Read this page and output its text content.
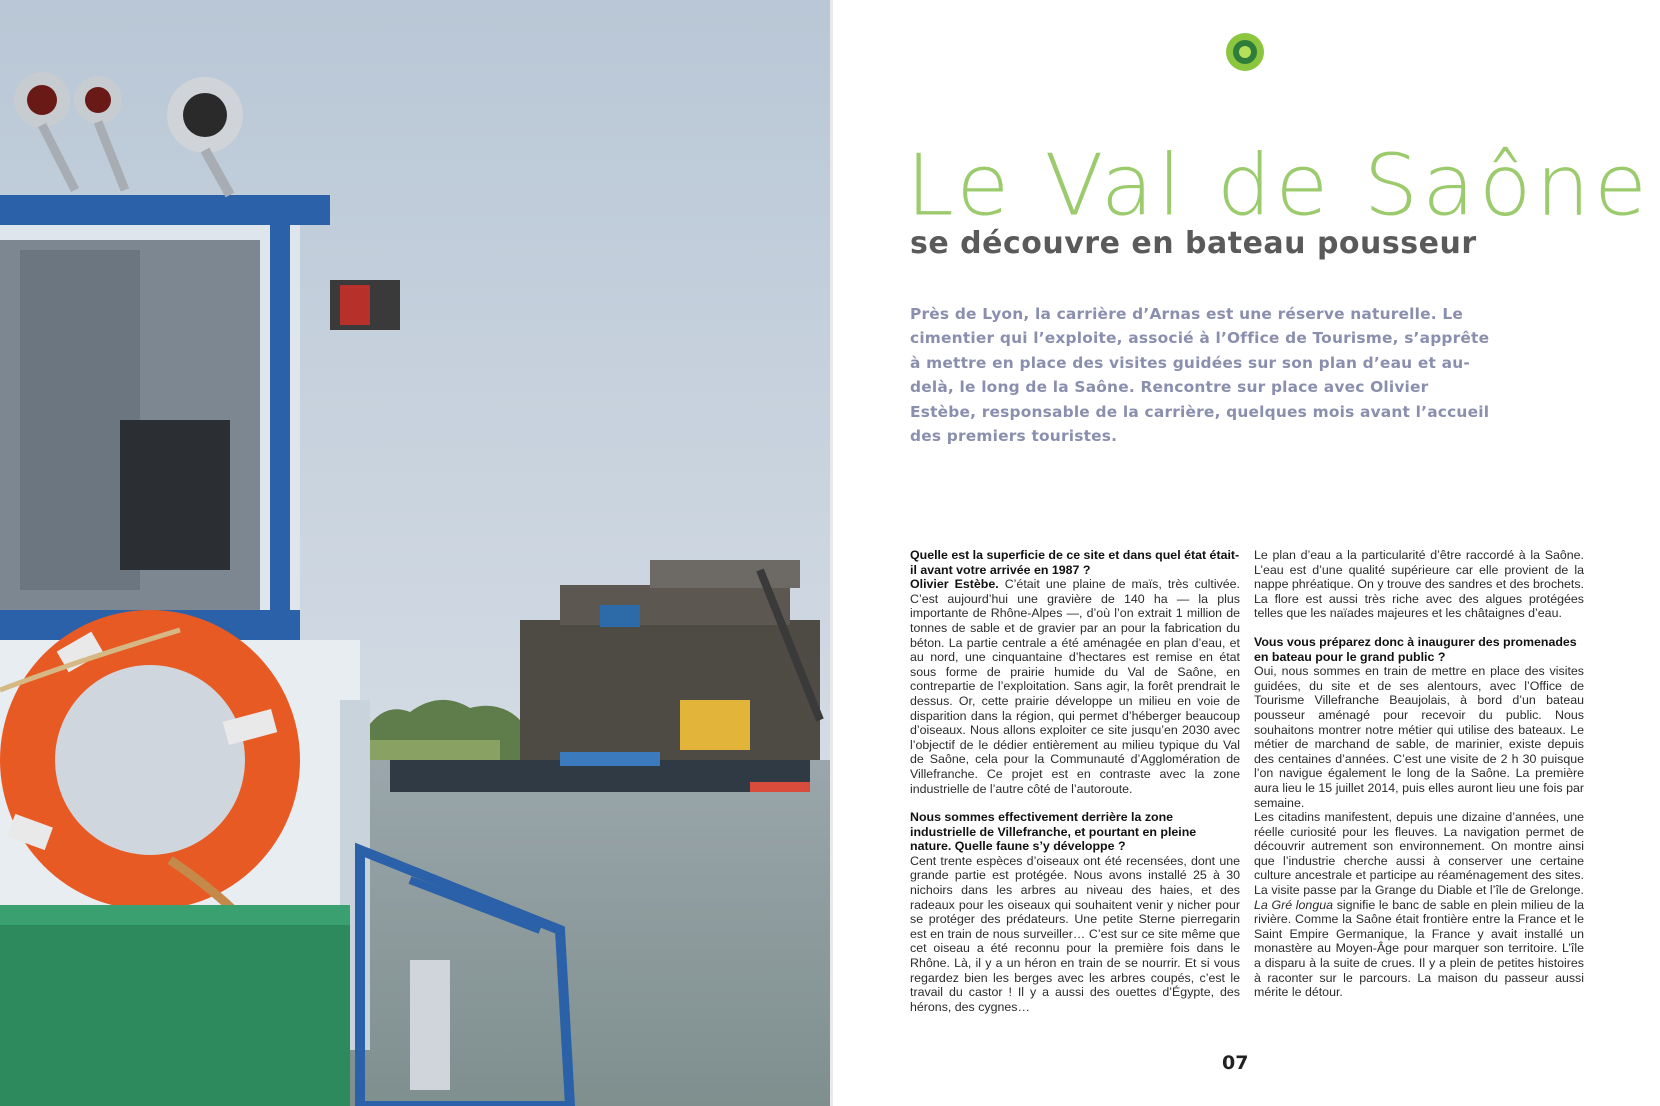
Le Val de Saône
se découvre en bateau pousseur

Près de Lyon, la carrière d’Arnas est une réserve naturelle. Le cimentier qui l’exploite, associé à l’Office de Tourisme, s’apprête à mettre en place des visites guidées sur son plan d’eau et au-delà, le long de la Saône. Rencontre sur place avec Olivier Estèbe, responsable de la carrière, quelques mois avant l’accueil des premiers touristes.

Quelle est la superficie de ce site et dans quel état était-il avant votre arrivée en 1987 ?

Olivier Estèbe. C’était une plaine de maïs, très cultivée. C’est aujourd’hui une gravière de 140 ha — la plus importante de Rhône-Alpes —, d’où l’on extrait 1 million de tonnes de sable et de gravier par an pour la fabrication du béton. La partie centrale a été aménagée en plan d’eau, et au nord, une cinquantaine d’hectares est remise en état sous forme de prairie humide du Val de Saône, en contrepartie de l’exploitation. Sans agir, la forêt prendrait le dessus. Or, cette prairie développe un milieu en voie de disparition dans la région, qui permet d’héberger beaucoup d’oiseaux. Nous allons exploiter ce site jusqu’en 2030 avec l’objectif de le dédier entièrement au milieu typique du Val de Saône, cela pour la Communauté d’Agglomération de Villefranche. Ce projet est en contraste avec la zone industrielle de l’autre côté de l’autoroute.

Nous sommes effectivement derrière la zone industrielle de Villefranche, et pourtant en pleine nature. Quelle faune s’y développe ?

Cent trente espèces d’oiseaux ont été recensées, dont une grande partie est protégée. Nous avons installé 25 à 30 nichoirs dans les arbres au niveau des haies, et des radeaux pour les oiseaux qui souhaitent venir y nicher pour se protéger des prédateurs. Une petite Sterne pierregarin est en train de nous surveiller… C’est sur ce site même que cet oiseau a été reconnu pour la première fois dans le Rhône. Là, il y a un héron en train de se nourrir. Et si vous regardez bien les berges avec les arbres coupés, c’est le travail du castor ! Il y a aussi des ouettes d’Égypte, des hérons, des cygnes…

Le plan d’eau a la particularité d’être raccordé à la Saône. L’eau est d’une qualité supérieure car elle provient de la nappe phréatique. On y trouve des sandres et des brochets. La flore est aussi très riche avec des algues protégées telles que les naïades majeures et les châtaignes d’eau.

Vous vous préparez donc à inaugurer des promenades en bateau pour le grand public ?

Oui, nous sommes en train de mettre en place des visites guidées, du site et de ses alentours, avec l’Office de Tourisme Villefranche Beaujolais, à bord d’un bateau pousseur aménagé pour recevoir du public. Nous souhaitons montrer notre métier qui utilise des bateaux. Le métier de marchand de sable, de marinier, existe depuis des centaines d’années. C’est une visite de 2 h 30 puisque l’on navigue également le long de la Saône. La première aura lieu le 15 juillet 2014, puis elles auront lieu une fois par semaine.

Les citadins manifestent, depuis une dizaine d’années, une réelle curiosité pour les fleuves. La navigation permet de découvrir autrement son environnement. On montre ainsi que l’industrie cherche aussi à conserver une certaine culture ancestrale et participe au réaménagement des sites. La visite passe par la Grange du Diable et l’île de Grelonge. La Gré longua signifie le banc de sable en plein milieu de la rivière. Comme la Saône était frontière entre la France et le Saint Empire Germanique, la France y avait installé un monastère au Moyen-Âge pour marquer son territoire. L’île a disparu à la suite de crues. Il y a plein de petites histoires à raconter sur le parcours. La maison du passeur aussi mérite le détour.

07
